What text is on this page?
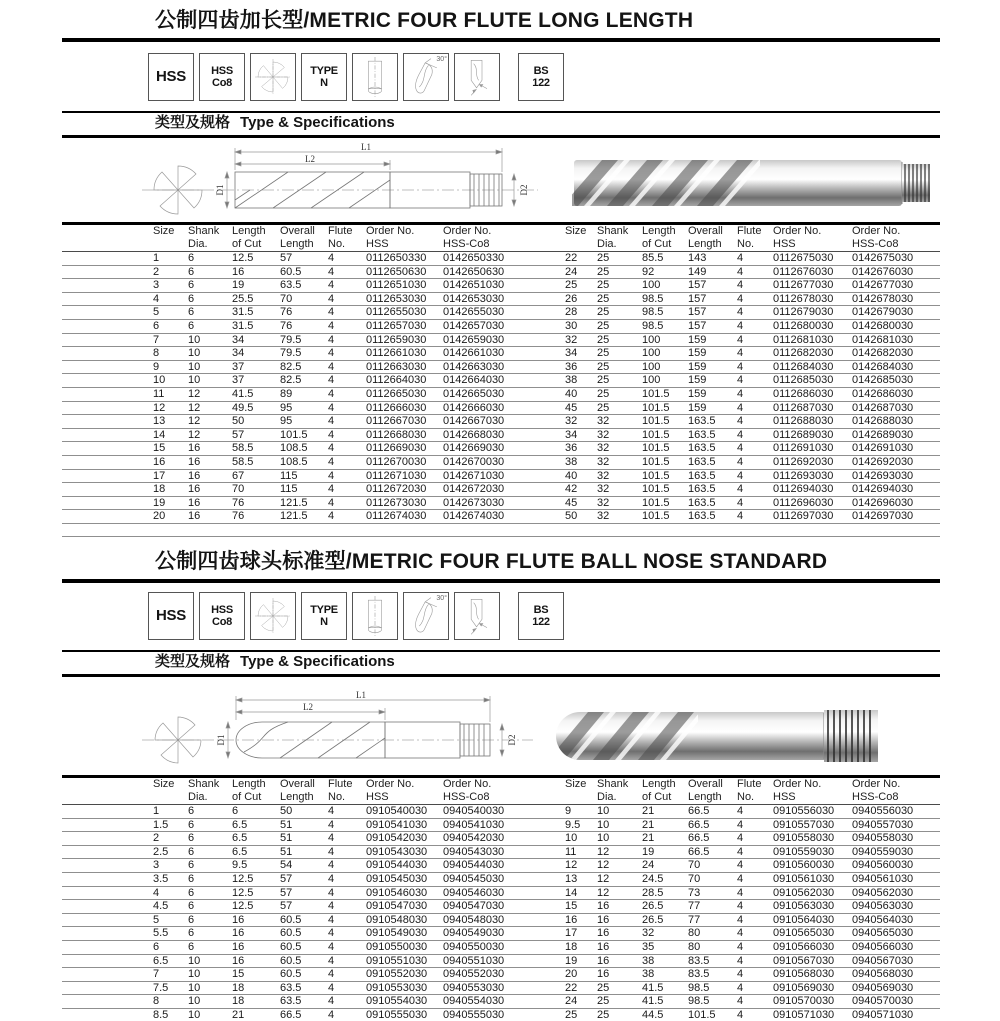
公制四齿加长型/METRIC FOUR FLUTE LONG LENGTH
HSS HSS
Co8
TYPE
N
30°
BS
122
类型及规格 Type & Specifications
L1
L2
D1	D2
Size	Shank
Dia.
Length
of Cut
Overall
Length
Flute
No.
Order No.
HSS
Order No.
HSS-Co8
Size Shank
Dia.
Length
of Cut
Overall
Length
Flute
No.
Order No.
HSS
Order No.
HSS-Co8
1	6	12.5	57	4	0112650330	0142650330	22	25	85.5	143	4	0112675030	0142675030
2	6	16	60.5	4	0112650630	0142650630	24	25	92	149	4	0112676030	0142676030
3	6	19	63.5	4	0112651030	0142651030	25	25	100	157	4	0112677030	0142677030
4	6	25.5	70	4	0112653030	0142653030	26	25	98.5	157	4	0112678030	0142678030
5	6	31.5	76	4	0112655030	0142655030	28	25	98.5	157	4	0112679030	0142679030
6	6	31.5	76	4	0112657030	0142657030	30	25	98.5	157	4	0112680030	0142680030
7	10	34	79.5	4	0112659030	0142659030	32	25	100	159	4	0112681030	0142681030
8	10	34	79.5	4	0112661030	0142661030	34	25	100	159	4	0112682030	0142682030
9	10	37	82.5	4	0112663030	0142663030	36	25	100	159	4	0112684030	0142684030
10	10	37	82.5	4	0112664030	0142664030	38	25	100	159	4	0112685030	0142685030
11	12	41.5	89	4	0112665030	0142665030	40	25	101.5	159	4	0112686030	0142686030
12	12	49.5	95	4	0112666030	0142666030	45	25	101.5	159	4	0112687030	0142687030
13	12	50	95	4	0112667030	0142667030	32	32	101.5	163.5	4	0112688030	0142688030
14	12	57	101.5	4	0112668030	0142668030	34	32	101.5	163.5	4	0112689030	0142689030
15	16	58.5	108.5	4	0112669030	0142669030	36	32	101.5	163.5	4	0112691030	0142691030
16	16	58.5	108.5	4	0112670030	0142670030	38	32	101.5	163.5	4	0112692030	0142692030
17	16	67	115	4	0112671030	0142671030	40	32	101.5	163.5	4	0112693030	0142693030
18	16	70	115	4	0112672030	0142672030	42	32	101.5	163.5	4	0112694030	0142694030
19	16	76	121.5	4	0112673030	0142673030	45	32	101.5	163.5	4	0112696030	0142696030
20	16	76	121.5	4	0112674030	0142674030	50	32	101.5	163.5	4	0112697030	0142697030
公制四齿球头标准型/METRIC FOUR FLUTE BALL NOSE STANDARD
HSS HSS
Co8
TYPE
N
30°
BS
122
类型及规格 Type & Specifications
L1
L2
D1	D2
Size	Shank
Dia.
Length
of Cut
Overall
Length
Flute
No.
Order No.
HSS
Order No.
HSS-Co8
Size Shank
Dia.
Length
of Cut
Overall
Length
Flute
No.
Order No.
HSS
Order No.
HSS-Co8
1	6	6	50	4	0910540030	0940540030	9	10	21	66.5	4	0910556030	0940556030
1.5	6	6.5	51	4	0910541030	0940541030	9.5	10	21	66.5	4	0910557030	0940557030
2	6	6.5	51	4	0910542030	0940542030	10	10	21	66.5	4	0910558030	0940558030
2.5	6	6.5	51	4	0910543030	0940543030	11	12	19	66.5	4	0910559030	0940559030
3	6	9.5	54	4	0910544030	0940544030	12	12	24	70	4	0910560030	0940560030
3.5	6	12.5	57	4	0910545030	0940545030	13	12	24.5	70	4	0910561030	0940561030
4	6	12.5	57	4	0910546030	0940546030	14	12	28.5	73	4	0910562030	0940562030
4.5	6	12.5	57	4	0910547030	0940547030	15	16	26.5	77	4	0910563030	0940563030
5	6	16	60.5	4	0910548030	0940548030	16	16	26.5	77	4	0910564030	0940564030
5.5	6	16	60.5	4	0910549030	0940549030	17	16	32	80	4	0910565030	0940565030
6	6	16	60.5	4	0910550030	0940550030	18	16	35	80	4	0910566030	0940566030
6.5	10	16	60.5	4	0910551030	0940551030	19	16	38	83.5	4	0910567030	0940567030
7	10	15	60.5	4	0910552030	0940552030	20	16	38	83.5	4	0910568030	0940568030
7.5	10	18	63.5	4	0910553030	0940553030	22	25	41.5	98.5	4	0910569030	0940569030
8	10	18	63.5	4	0910554030	0940554030	24	25	41.5	98.5	4	0910570030	0940570030
8.5	10	21	66.5	4	0910555030	0940555030	25	25	44.5	101.5	4	0910571030	0940571030
